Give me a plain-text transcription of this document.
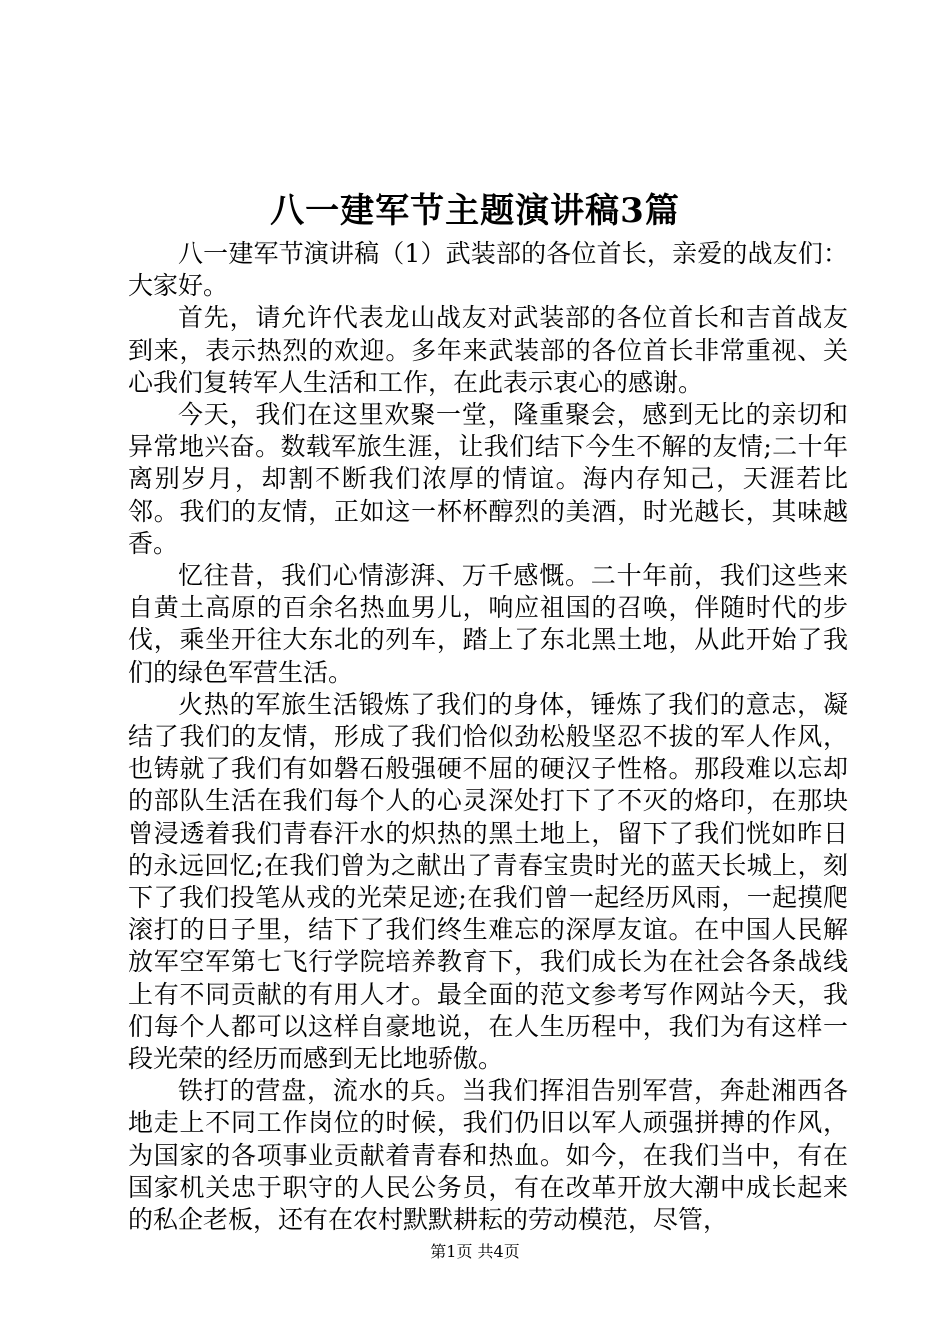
八一建军节主题演讲稿3篇

八一建军节演讲稿（1）武装部的各位首长，亲爱的战友们：大家好。

首先，请允许代表龙山战友对武装部的各位首长和吉首战友到来，表示热烈的欢迎。多年来武装部的各位首长非常重视、关心我们复转军人生活和工作，在此表示衷心的感谢。

今天，我们在这里欢聚一堂，隆重聚会，感到无比的亲切和异常地兴奋。数载军旅生涯，让我们结下今生不解的友情;二十年离别岁月，却割不断我们浓厚的情谊。海内存知己，天涯若比邻。我们的友情，正如这一杯杯醇烈的美酒，时光越长，其味越香。

忆往昔，我们心情澎湃、万千感慨。二十年前，我们这些来自黄土高原的百余名热血男儿，响应祖国的召唤，伴随时代的步伐，乘坐开往大东北的列车，踏上了东北黑土地，从此开始了我们的绿色军营生活。

火热的军旅生活锻炼了我们的身体，锤炼了我们的意志，凝结了我们的友情，形成了我们恰似劲松般坚忍不拔的军人作风，也铸就了我们有如磐石般强硬不屈的硬汉子性格。那段难以忘却的部队生活在我们每个人的心灵深处打下了不灭的烙印，在那块曾浸透着我们青春汗水的炽热的黑土地上，留下了我们恍如昨日的永远回忆;在我们曾为之献出了青春宝贵时光的蓝天长城上，刻下了我们投笔从戎的光荣足迹;在我们曾一起经历风雨，一起摸爬滚打的日子里，结下了我们终生难忘的深厚友谊。在中国人民解放军空军第七飞行学院培养教育下，我们成长为在社会各条战线上有不同贡献的有用人才。最全面的范文参考写作网站今天，我们每个人都可以这样自豪地说，在人生历程中，我们为有这样一段光荣的经历而感到无比地骄傲。

铁打的营盘，流水的兵。当我们挥泪告别军营，奔赴湘西各地走上不同工作岗位的时候，我们仍旧以军人顽强拼搏的作风，为国家的各项事业贡献着青春和热血。如今，在我们当中，有在国家机关忠于职守的人民公务员，有在改革开放大潮中成长起来的私企老板，还有在农村默默耕耘的劳动模范，尽管，

第1页 共4页
